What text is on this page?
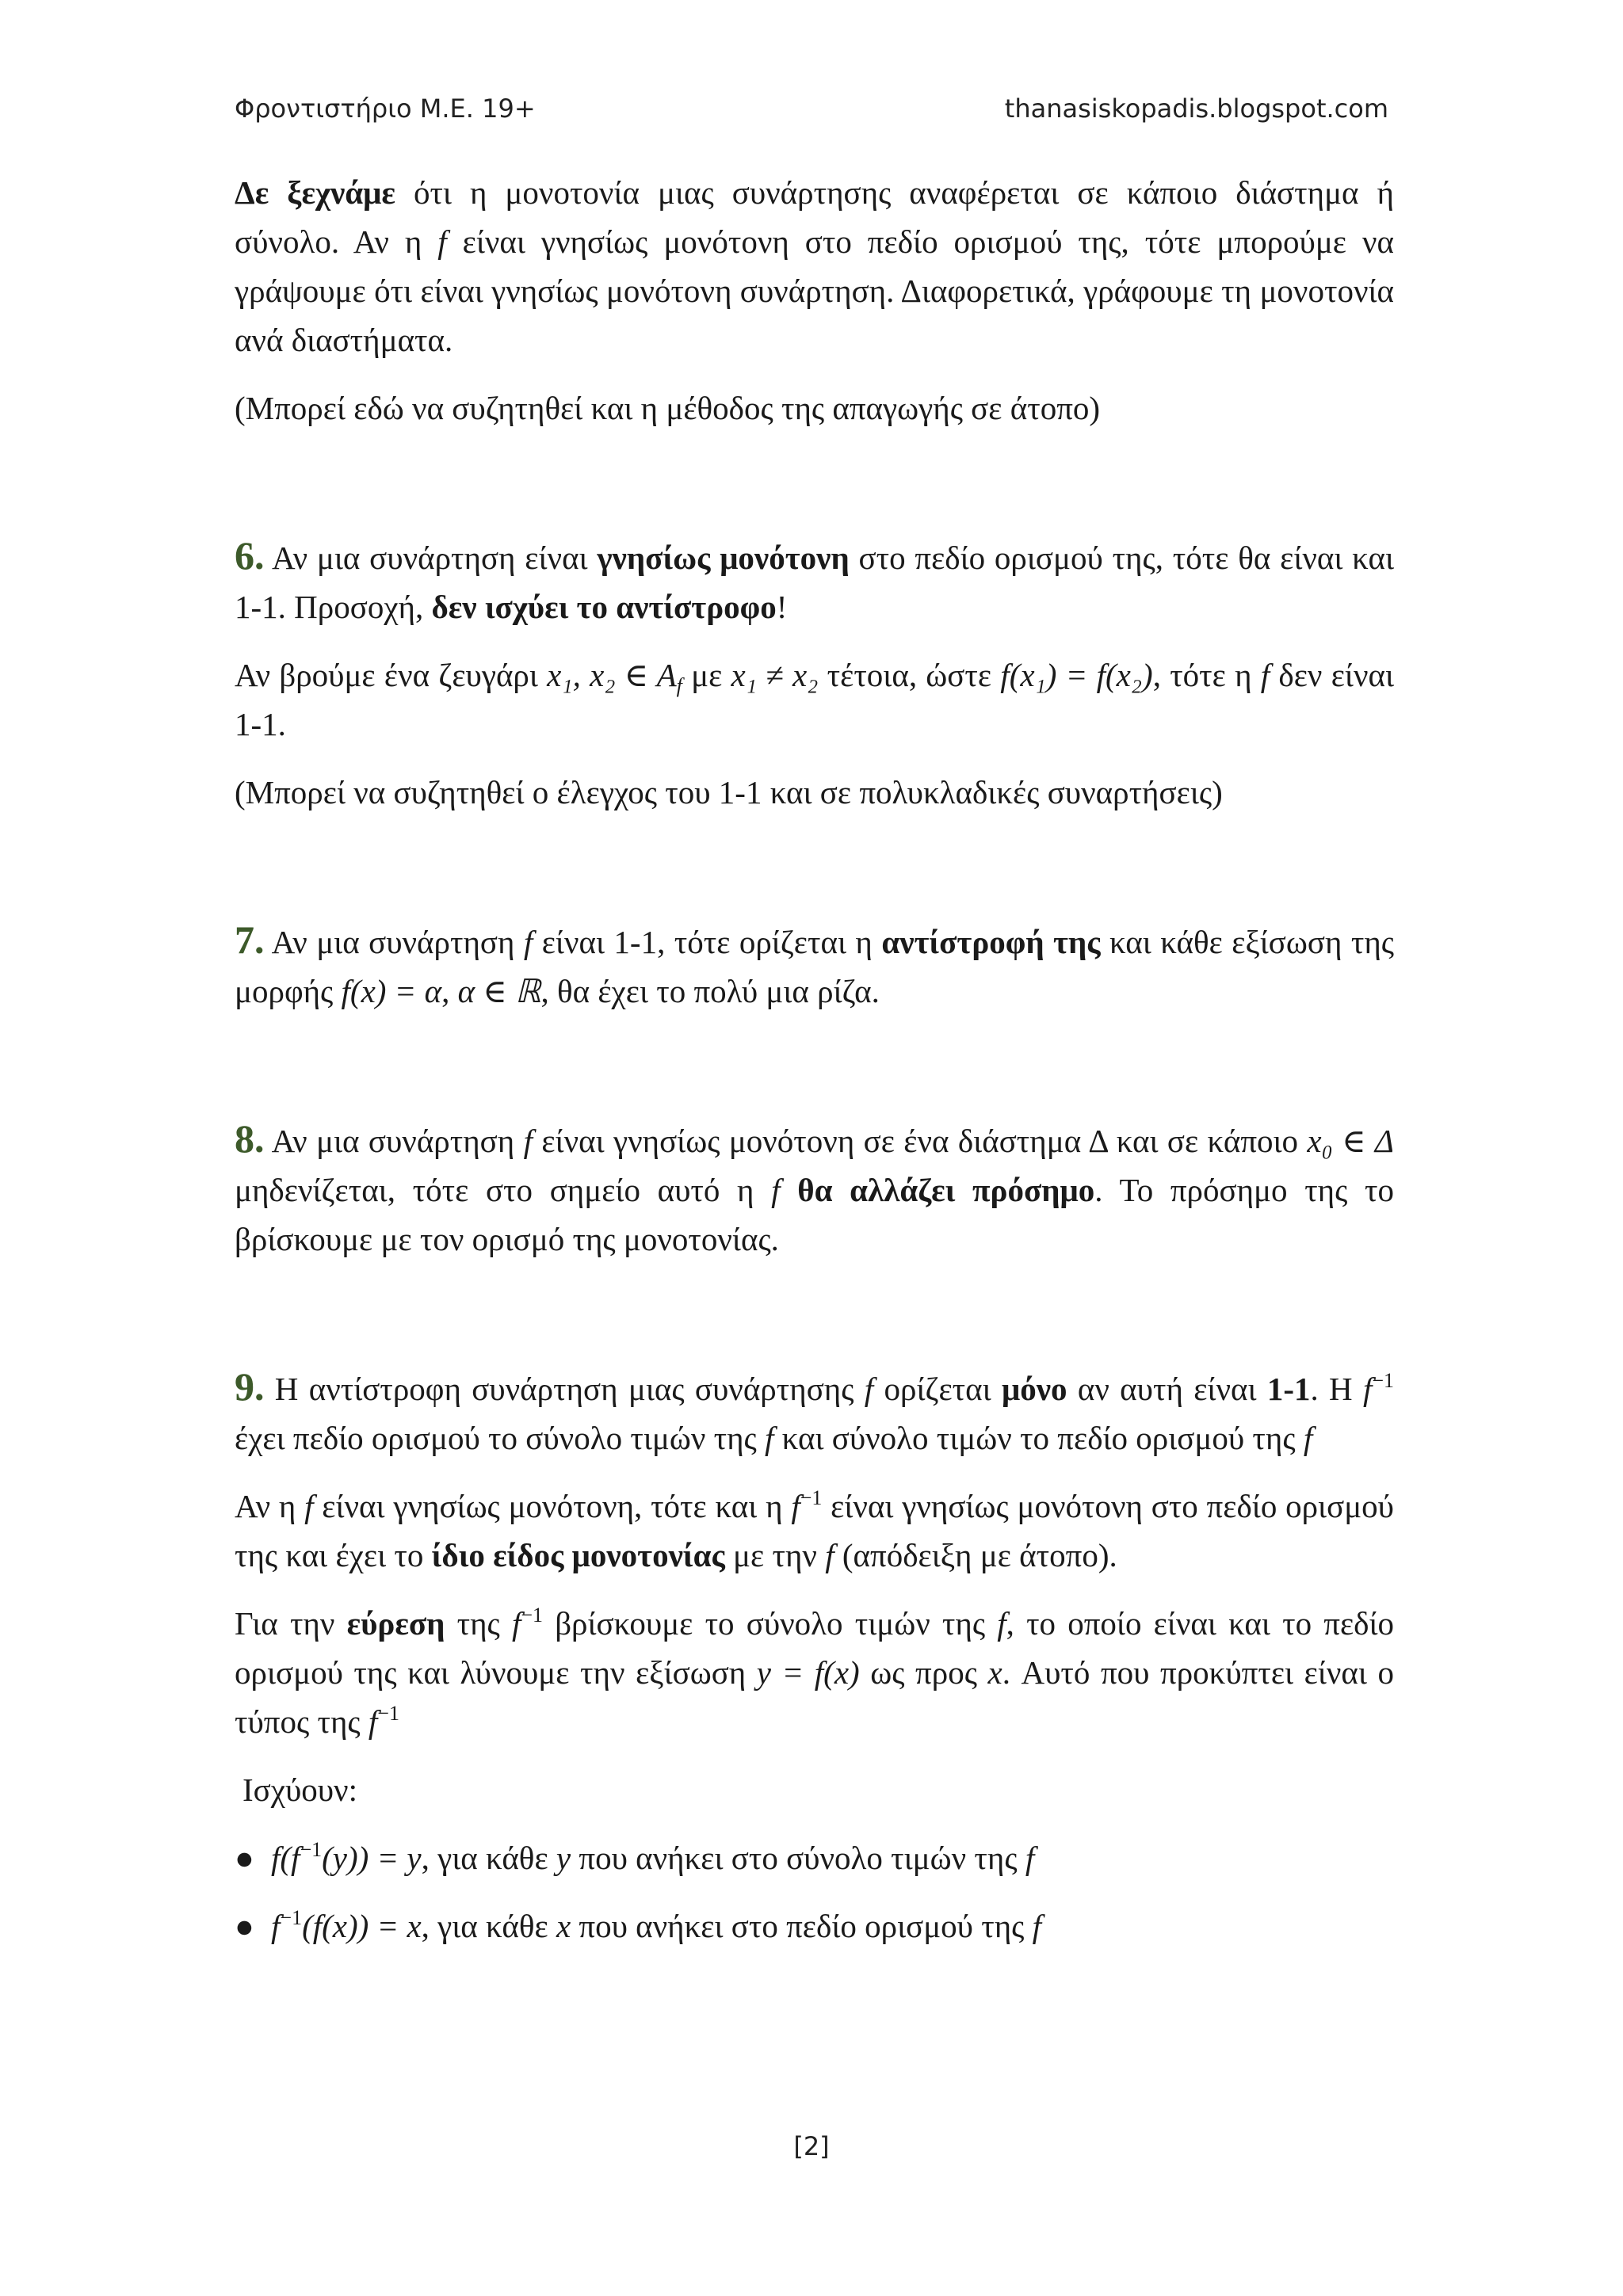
Φροντιστήριο Μ.Ε. 19+	thanasiskopadis.blogspot.com

Δε ξεχνάμε ότι η μονοτονία μιας συνάρτησης αναφέρεται σε κάποιο διάστημα ή σύνολο. Αν η f είναι γνησίως μονότονη στο πεδίο ορισμού της, τότε μπορούμε να γράψουμε ότι είναι γνησίως μονότονη συνάρτηση. Διαφορετικά, γράφουμε τη μονοτονία ανά διαστήματα.

(Μπορεί εδώ να συζητηθεί και η μέθοδος της απαγωγής σε άτοπο)

6. Αν μια συνάρτηση είναι γνησίως μονότονη στο πεδίο ορισμού της, τότε θα είναι και 1-1. Προσοχή, δεν ισχύει το αντίστροφο!

Αν βρούμε ένα ζευγάρι x₁, x₂ ∈ $A_f$ με x₁ ≠ x₂ τέτοια, ώστε f(x₁) = f(x₂), τότε η f δεν είναι 1-1.

(Μπορεί να συζητηθεί ο έλεγχος του 1-1 και σε πολυκλαδικές συναρτήσεις)

7. Αν μια συνάρτηση f είναι 1-1, τότε ορίζεται η αντίστροφή της και κάθε εξίσωση της μορφής f(x) = α, α ∈ ℝ, θα έχει το πολύ μια ρίζα.

8. Αν μια συνάρτηση f είναι γνησίως μονότονη σε ένα διάστημα Δ και σε κάποιο x₀ ∈ Δ μηδενίζεται, τότε στο σημείο αυτό η f θα αλλάζει πρόσημο. Το πρόσημο της το βρίσκουμε με τον ορισμό της μονοτονίας.

9. Η αντίστροφη συνάρτηση μιας συνάρτησης f ορίζεται μόνο αν αυτή είναι 1-1. Η $f^{-1}$ έχει πεδίο ορισμού το σύνολο τιμών της f και σύνολο τιμών το πεδίο ορισμού της f

Αν η f είναι γνησίως μονότονη, τότε και η $f^{-1}$ είναι γνησίως μονότονη στο πεδίο ορισμού της και έχει το ίδιο είδος μονοτονίας με την f (απόδειξη με άτοπο).

Για την εύρεση της $f^{-1}$ βρίσκουμε το σύνολο τιμών της f, το οποίο είναι και το πεδίο ορισμού της και λύνουμε την εξίσωση y = f(x) ως προς x. Αυτό που προκύπτει είναι ο τύπος της $f^{-1}$

Ισχύουν:

● $f(f^{-1}(y)) = y$, για κάθε y που ανήκει στο σύνολο τιμών της f

● $f^{-1}(f(x)) = x$, για κάθε x που ανήκει στο πεδίο ορισμού της f

[2]
